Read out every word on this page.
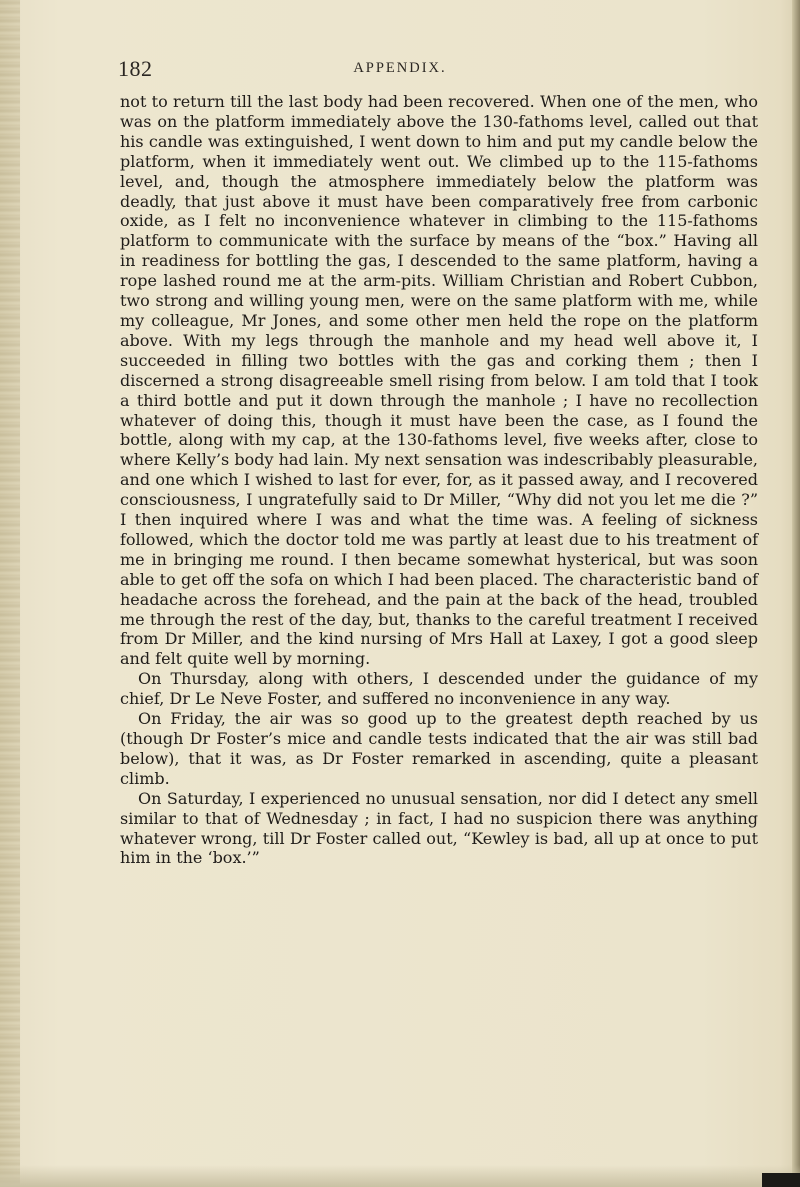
182	APPENDIX.

not to return till the last body had been recovered. When one of the men, who was on the platform immediately above the 130-fathoms level, called out that his candle was extinguished, I went down to him and put my candle below the platform, when it immediately went out. We climbed up to the 115-fathoms level, and, though the atmosphere immediately below the platform was deadly, that just above it must have been comparatively free from carbonic oxide, as I felt no inconvenience whatever in climbing to the 115-fathoms platform to communicate with the surface by means of the “box.” Having all in readiness for bottling the gas, I descended to the same platform, having a rope lashed round me at the arm-pits. William Christian and Robert Cubbon, two strong and willing young men, were on the same platform with me, while my colleague, Mr Jones, and some other men held the rope on the platform above. With my legs through the manhole and my head well above it, I succeeded in filling two bottles with the gas and corking them ; then I discerned a strong disagreeable smell rising from below. I am told that I took a third bottle and put it down through the manhole ; I have no recollection whatever of doing this, though it must have been the case, as I found the bottle, along with my cap, at the 130-fathoms level, five weeks after, close to where Kelly’s body had lain. My next sensation was indescribably pleasurable, and one which I wished to last for ever, for, as it passed away, and I recovered consciousness, I ungratefully said to Dr Miller, “Why did not you let me die ?” I then inquired where I was and what the time was. A feeling of sickness followed, which the doctor told me was partly at least due to his treatment of me in bringing me round. I then became somewhat hysterical, but was soon able to get off the sofa on which I had been placed. The characteristic band of headache across the forehead, and the pain at the back of the head, troubled me through the rest of the day, but, thanks to the careful treatment I received from Dr Miller, and the kind nursing of Mrs Hall at Laxey, I got a good sleep and felt quite well by morning.

On Thursday, along with others, I descended under the guidance of my chief, Dr Le Neve Foster, and suffered no inconvenience in any way.

On Friday, the air was so good up to the greatest depth reached by us (though Dr Foster’s mice and candle tests indicated that the air was still bad below), that it was, as Dr Foster remarked in ascending, quite a pleasant climb.

On Saturday, I experienced no unusual sensation, nor did I detect any smell similar to that of Wednesday ; in fact, I had no suspicion there was anything whatever wrong, till Dr Foster called out, “Kewley is bad, all up at once to put him in the ‘box.’”
